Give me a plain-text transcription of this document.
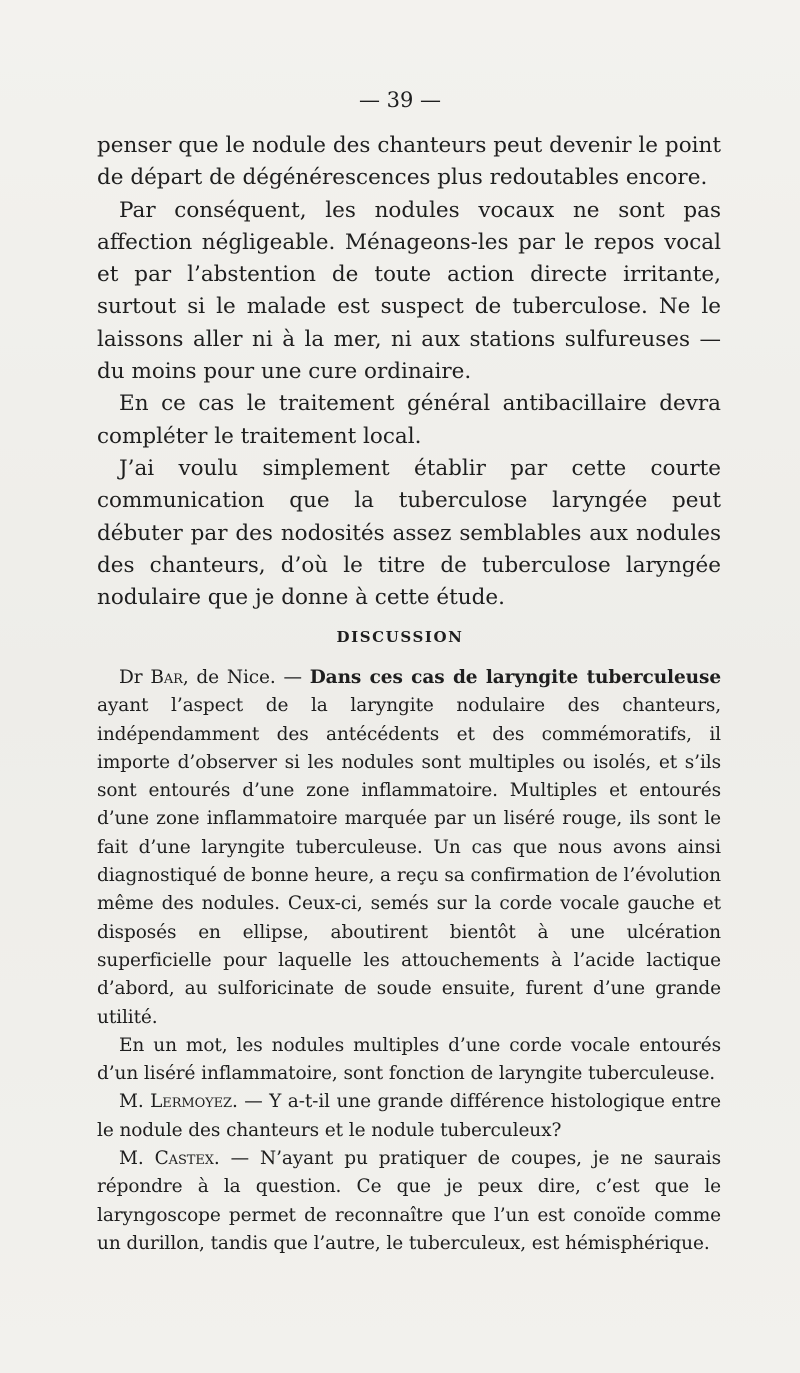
— 39 —

penser que le nodule des chanteurs peut devenir le point de départ de dégénérescences plus redoutables encore.

Par conséquent, les nodules vocaux ne sont pas affection négligeable. Ménageons-les par le repos vocal et par l’abstention de toute action directe irritante, surtout si le malade est suspect de tuberculose. Ne le laissons aller ni à la mer, ni aux stations sulfureuses — du moins pour une cure ordinaire.

En ce cas le traitement général antibacillaire devra compléter le traitement local.

J’ai voulu simplement établir par cette courte communication que la tuberculose laryngée peut débuter par des nodosités assez semblables aux nodules des chanteurs, d’où le titre de tuberculose laryngée nodulaire que je donne à cette étude.

DISCUSSION

Dr Bar, de Nice. — Dans ces cas de laryngite tuberculeuse ayant l’aspect de la laryngite nodulaire des chanteurs, indépendamment des antécédents et des commémoratifs, il importe d’observer si les nodules sont multiples ou isolés, et s’ils sont entourés d’une zone inflammatoire. Multiples et entourés d’une zone inflammatoire marquée par un liséré rouge, ils sont le fait d’une laryngite tuberculeuse. Un cas que nous avons ainsi diagnostiqué de bonne heure, a reçu sa confirmation de l’évolution même des nodules. Ceux-ci, semés sur la corde vocale gauche et disposés en ellipse, aboutirent bientôt à une ulcération superficielle pour laquelle les attouchements à l’acide lactique d’abord, au sulforicinate de soude ensuite, furent d’une grande utilité.

En un mot, les nodules multiples d’une corde vocale entourés d’un liséré inflammatoire, sont fonction de laryngite tuberculeuse.

M. Lermoyez. — Y a-t-il une grande différence histologique entre le nodule des chanteurs et le nodule tuberculeux?

M. Castex. — N’ayant pu pratiquer de coupes, je ne saurais répondre à la question. Ce que je peux dire, c’est que le laryngoscope permet de reconnaître que l’un est conoïde comme un durillon, tandis que l’autre, le tuberculeux, est hémisphérique.
